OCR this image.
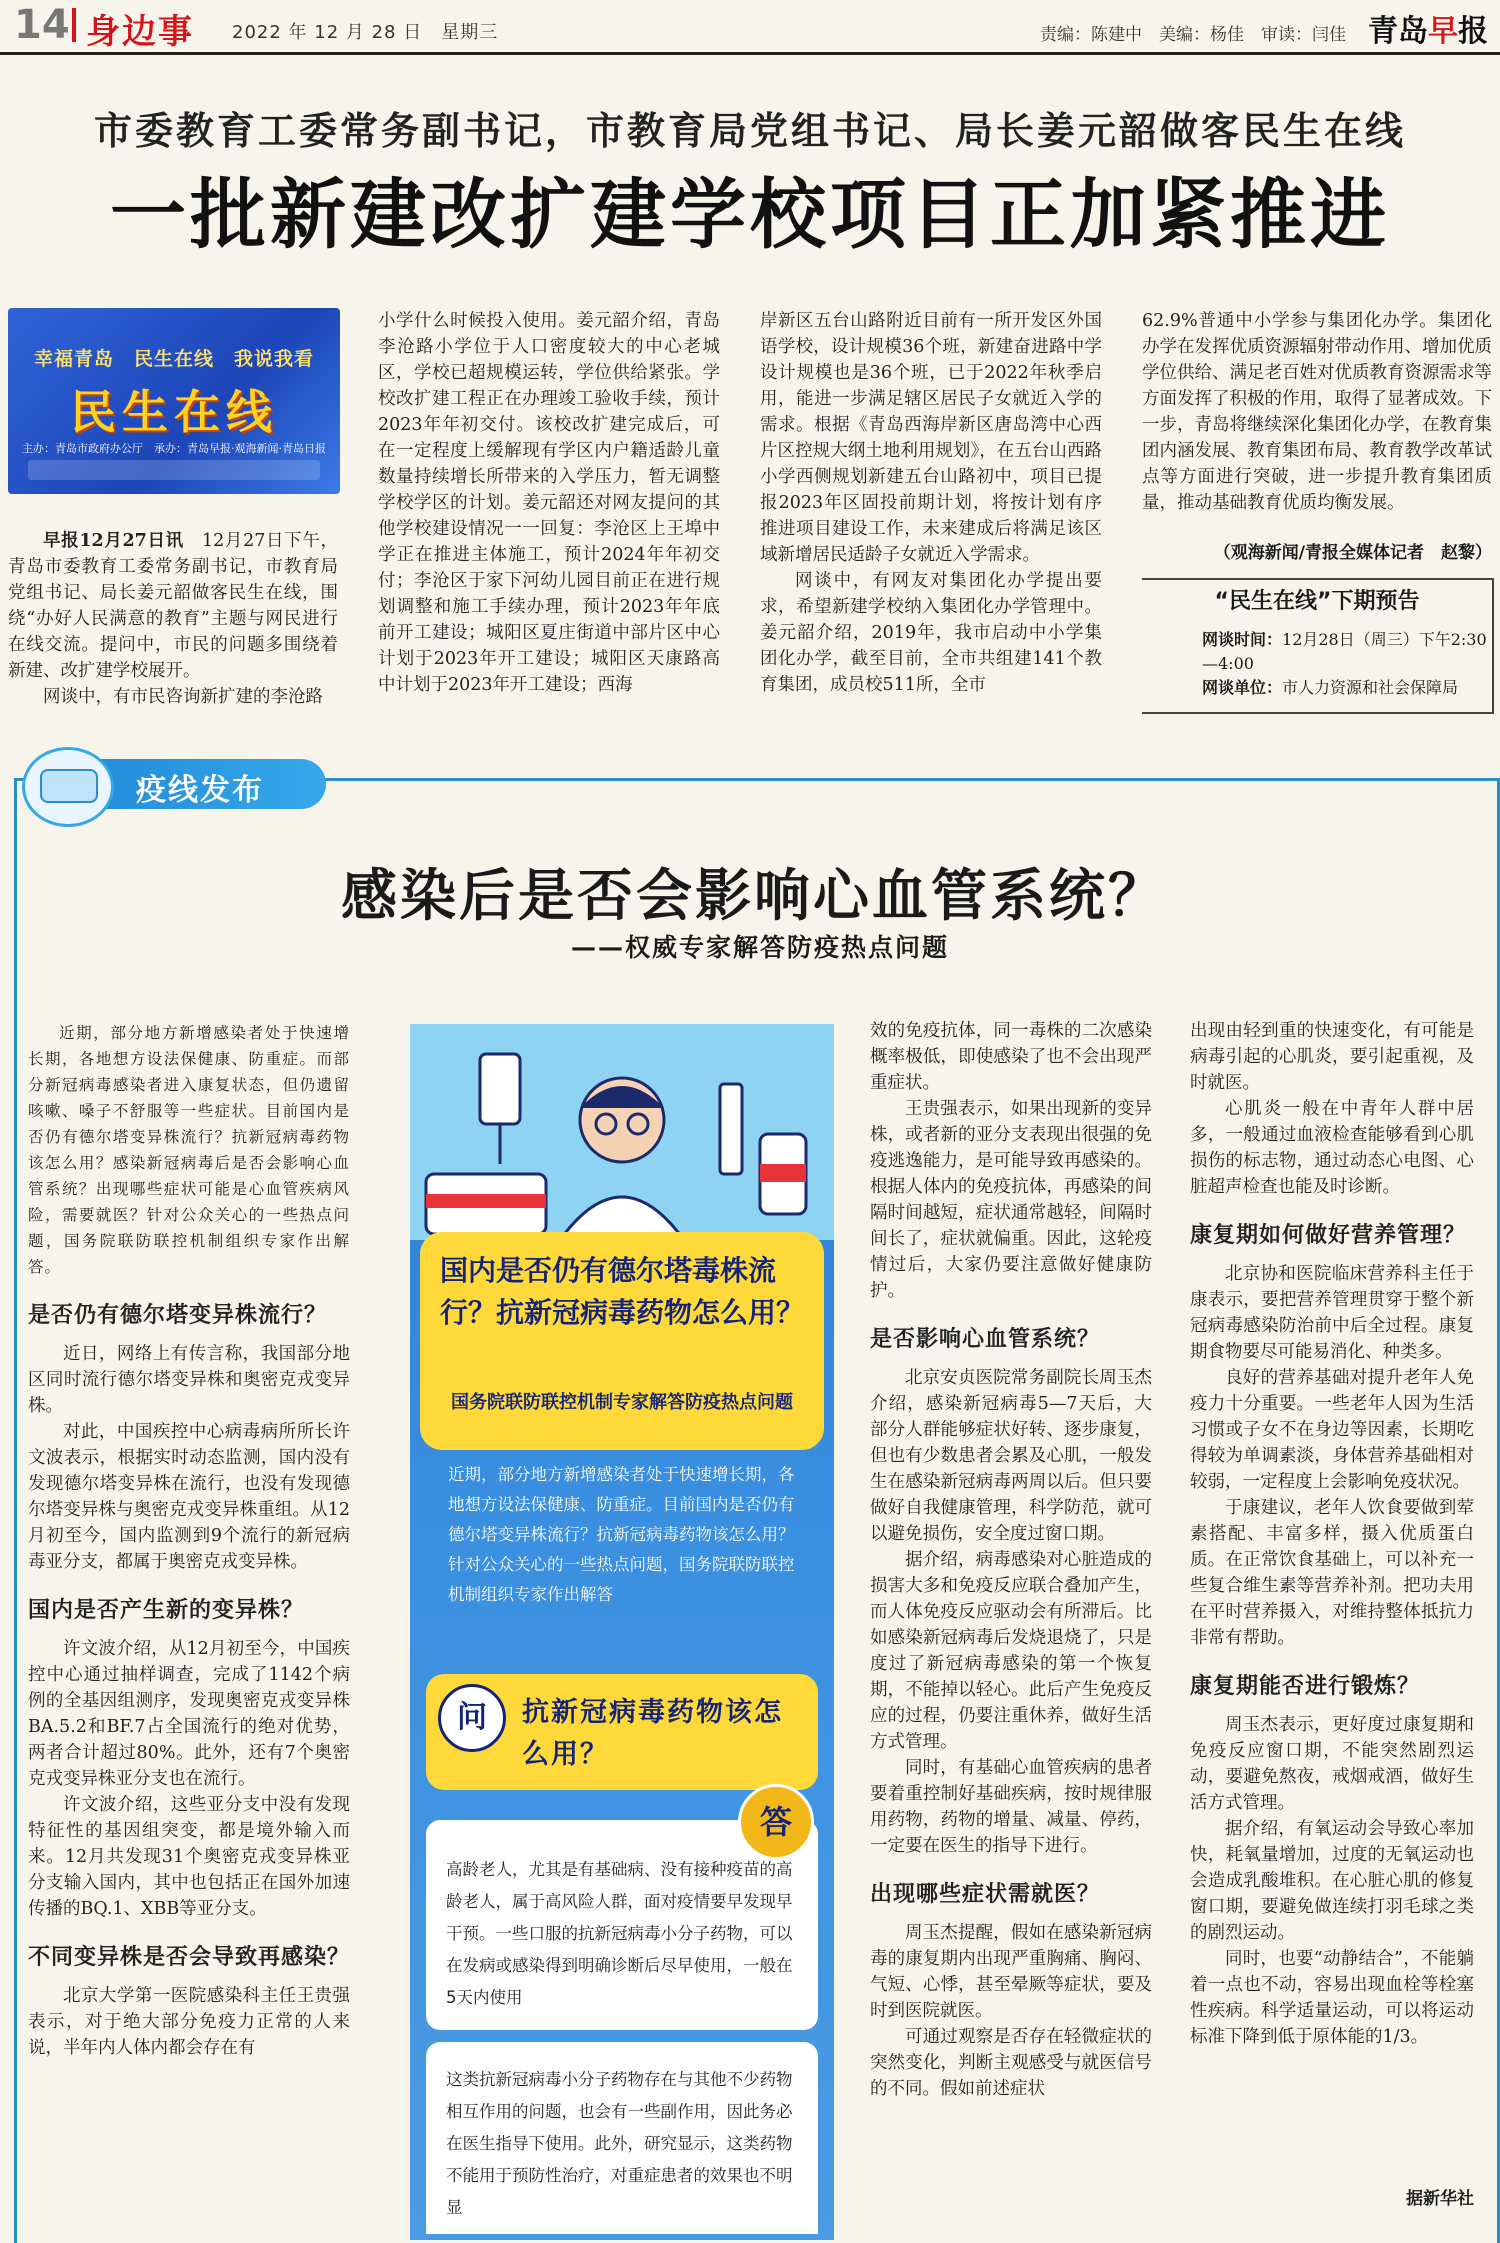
14 身边事 2022 年 12 月 28 日　星期三	责编：陈建中　美编：杨佳　审读：闫佳 青岛早报
市委教育工委常务副书记，市教育局党组书记、局长姜元韶做客民生在线
一批新建改扩建学校项目正加紧推进
幸福青岛　民生在线　我说我看
民生在线
主办：青岛市政府办公厅　承办：青岛早报·观海新闻·青岛日报

早报12月27日讯　 12月27日下午，青岛市委教育工委常务副书记，市教育局党组书记、局长姜元韶做客民生在线，围绕“办好人民满意的教育”主题与网民进行在线交流。提问中，市民的问题多围绕着新建、改扩建学校展开。

网谈中，有市民咨询新扩建的李沧路

小学什么时候投入使用。姜元韶介绍，青岛李沧路小学位于人口密度较大的中心老城区，学校已超规模运转，学位供给紧张。学校改扩建工程正在办理竣工验收手续，预计2023年年初交付。该校改扩建完成后，可在一定程度上缓解现有学区内户籍适龄儿童数量持续增长所带来的入学压力，暂无调整学校学区的计划。姜元韶还对网友提问的其他学校建设情况一一回复：李沧区上王埠中学正在推进主体施工，预计2024年年初交付；李沧区于家下河幼儿园目前正在进行规划调整和施工手续办理，预计2023年年底前开工建设；城阳区夏庄街道中部片区中心计划于2023年开工建设；城阳区天康路高中计划于2023年开工建设；西海

岸新区五台山路附近目前有一所开发区外国语学校，设计规模36个班，新建奋进路中学设计规模也是36个班，已于2022年秋季启用，能进一步满足辖区居民子女就近入学的需求。根据《青岛西海岸新区唐岛湾中心西片区控规大纲土地利用规划》，在五台山西路小学西侧规划新建五台山路初中，项目已提报2023年区固投前期计划，将按计划有序推进项目建设工作，未来建成后将满足该区域新增居民适龄子女就近入学需求。

网谈中，有网友对集团化办学提出要求，希望新建学校纳入集团化办学管理中。姜元韶介绍，2019年，我市启动中小学集团化办学，截至目前，全市共组建141个教育集团，成员校511所，全市

62.9%普通中小学参与集团化办学。集团化办学在发挥优质资源辐射带动作用、增加优质学位供给、满足老百姓对优质教育资源需求等方面发挥了积极的作用，取得了显著成效。下一步，青岛将继续深化集团化办学，在教育集团内涵发展、教育集团布局、教育教学改革试点等方面进行突破，进一步提升教育集团质量，推动基础教育优质均衡发展。

（观海新闻/青报全媒体记者　赵黎）
“民生在线”下期预告
网谈时间：12月28日（周三）下午2:30—4:00
网谈单位：市人力资源和社会保障局
疫线发布
感染后是否会影响心血管系统？
——权威专家解答防疫热点问题

近期，部分地方新增感染者处于快速增长期，各地想方设法保健康、防重症。而部分新冠病毒感染者进入康复状态，但仍遗留咳嗽、嗓子不舒服等一些症状。目前国内是否仍有德尔塔变异株流行？抗新冠病毒药物该怎么用？感染新冠病毒后是否会影响心血管系统？出现哪些症状可能是心血管疾病风险，需要就医？针对公众关心的一些热点问题，国务院联防联控机制组织专家作出解答。

是否仍有德尔塔变异株流行？

近日，网络上有传言称，我国部分地区同时流行德尔塔变异株和奥密克戎变异株。

对此，中国疾控中心病毒病所所长许文波表示，根据实时动态监测，国内没有发现德尔塔变异株在流行，也没有发现德尔塔变异株与奥密克戎变异株重组。从12月初至今，国内监测到9个流行的新冠病毒亚分支，都属于奥密克戎变异株。

国内是否产生新的变异株？

许文波介绍，从12月初至今，中国疾控中心通过抽样调查，完成了1142个病例的全基因组测序，发现奥密克戎变异株BA.5.2和BF.7占全国流行的绝对优势，两者合计超过80%。此外，还有7个奥密克戎变异株亚分支也在流行。

许文波介绍，这些亚分支中没有发现特征性的基因组突变，都是境外输入而来。12月共发现31个奥密克戎变异株亚分支输入国内，其中也包括正在国外加速传播的BQ.1、XBB等亚分支。

不同变异株是否会导致再感染？

北京大学第一医院感染科主任王贵强表示，对于绝大部分免疫力正常的人来说，半年内人体内都会存在有

国内是否仍有德尔塔毒株流行？抗新冠病毒药物怎么用？
国务院联防联控机制专家解答防疫热点问题
近期，部分地方新增感染者处于快速增长期，各地想方设法保健康、防重症。目前国内是否仍有德尔塔变异株流行？抗新冠病毒药物该怎么用？针对公众关心的一些热点问题，国务院联防联控机制组织专家作出解答
问	抗新冠病毒药物该怎么用？

高龄老人，尤其是有基础病、没有接种疫苗的高龄老人，属于高风险人群，面对疫情要早发现早干预。一些口服的抗新冠病毒小分子药物，可以在发病或感染得到明确诊断后尽早使用，一般在5天内使用

答

这类抗新冠病毒小分子药物存在与其他不少药物相互作用的问题，也会有一些副作用，因此务必在医生指导下使用。此外，研究显示，这类药物不能用于预防性治疗，对重症患者的效果也不明显

效的免疫抗体，同一毒株的二次感染概率极低，即使感染了也不会出现严重症状。

王贵强表示，如果出现新的变异株，或者新的亚分支表现出很强的免疫逃逸能力，是可能导致再感染的。根据人体内的免疫抗体，再感染的间隔时间越短，症状通常越轻，间隔时间长了，症状就偏重。因此，这轮疫情过后，大家仍要注意做好健康防护。

是否影响心血管系统？

北京安贞医院常务副院长周玉杰介绍，感染新冠病毒5—7天后，大部分人群能够症状好转、逐步康复，但也有少数患者会累及心肌，一般发生在感染新冠病毒两周以后。但只要做好自我健康管理，科学防范，就可以避免损伤，安全度过窗口期。

据介绍，病毒感染对心脏造成的损害大多和免疫反应联合叠加产生，而人体免疫反应驱动会有所滞后。比如感染新冠病毒后发烧退烧了，只是度过了新冠病毒感染的第一个恢复期，不能掉以轻心。此后产生免疫反应的过程，仍要注重休养，做好生活方式管理。

同时，有基础心血管疾病的患者要着重控制好基础疾病，按时规律服用药物，药物的增量、减量、停药，一定要在医生的指导下进行。

出现哪些症状需就医？

周玉杰提醒，假如在感染新冠病毒的康复期内出现严重胸痛、胸闷、气短、心悸，甚至晕厥等症状，要及时到医院就医。

可通过观察是否存在轻微症状的突然变化，判断主观感受与就医信号的不同。假如前述症状

出现由轻到重的快速变化，有可能是病毒引起的心肌炎，要引起重视，及时就医。

心肌炎一般在中青年人群中居多，一般通过血液检查能够看到心肌损伤的标志物，通过动态心电图、心脏超声检查也能及时诊断。

康复期如何做好营养管理？

北京协和医院临床营养科主任于康表示，要把营养管理贯穿于整个新冠病毒感染防治前中后全过程。康复期食物要尽可能易消化、种类多。

良好的营养基础对提升老年人免疫力十分重要。一些老年人因为生活习惯或子女不在身边等因素，长期吃得较为单调素淡，身体营养基础相对较弱，一定程度上会影响免疫状况。

于康建议，老年人饮食要做到荤素搭配、丰富多样，摄入优质蛋白质。在正常饮食基础上，可以补充一些复合维生素等营养补剂。把功夫用在平时营养摄入，对维持整体抵抗力非常有帮助。

康复期能否进行锻炼？

周玉杰表示，更好度过康复期和免疫反应窗口期，不能突然剧烈运动，要避免熬夜，戒烟戒酒，做好生活方式管理。

据介绍，有氧运动会导致心率加快，耗氧量增加，过度的无氧运动也会造成乳酸堆积。在心脏心肌的修复窗口期，要避免做连续打羽毛球之类的剧烈运动。

同时，也要“动静结合”，不能躺着一点也不动，容易出现血栓等栓塞性疾病。科学适量运动，可以将运动标准下降到低于原体能的1/3。

据新华社
